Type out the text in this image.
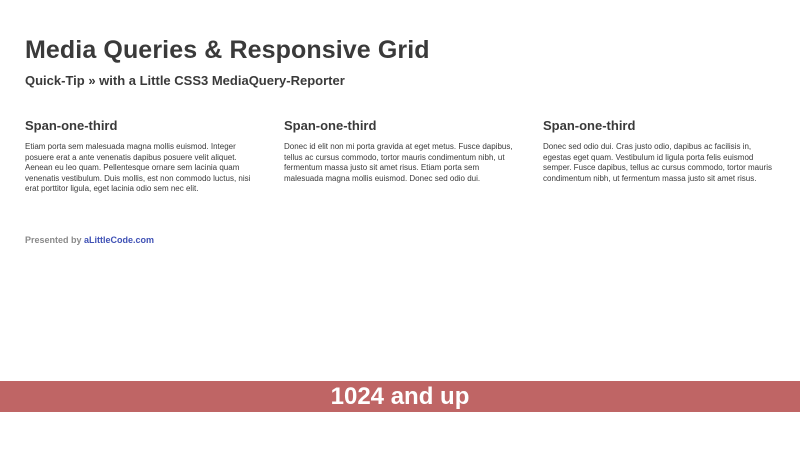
Media Queries & Responsive Grid
Quick-Tip » with a Little CSS3 MediaQuery-Reporter
Span-one-third

Etiam porta sem malesuada magna mollis euismod. Integer posuere erat a ante venenatis dapibus posuere velit aliquet. Aenean eu leo quam. Pellentesque ornare sem lacinia quam venenatis vestibulum. Duis mollis, est non commodo luctus, nisi erat porttitor ligula, eget lacinia odio sem nec elit.

Span-one-third

Donec id elit non mi porta gravida at eget metus. Fusce dapibus, tellus ac cursus commodo, tortor mauris condimentum nibh, ut fermentum massa justo sit amet risus. Etiam porta sem malesuada magna mollis euismod. Donec sed odio dui.

Span-one-third

Donec sed odio dui. Cras justo odio, dapibus ac facilisis in, egestas eget quam. Vestibulum id ligula porta felis euismod semper. Fusce dapibus, tellus ac cursus commodo, tortor mauris condimentum nibh, ut fermentum massa justo sit amet risus.

Presented by aLittleCode.com
1024 and up
